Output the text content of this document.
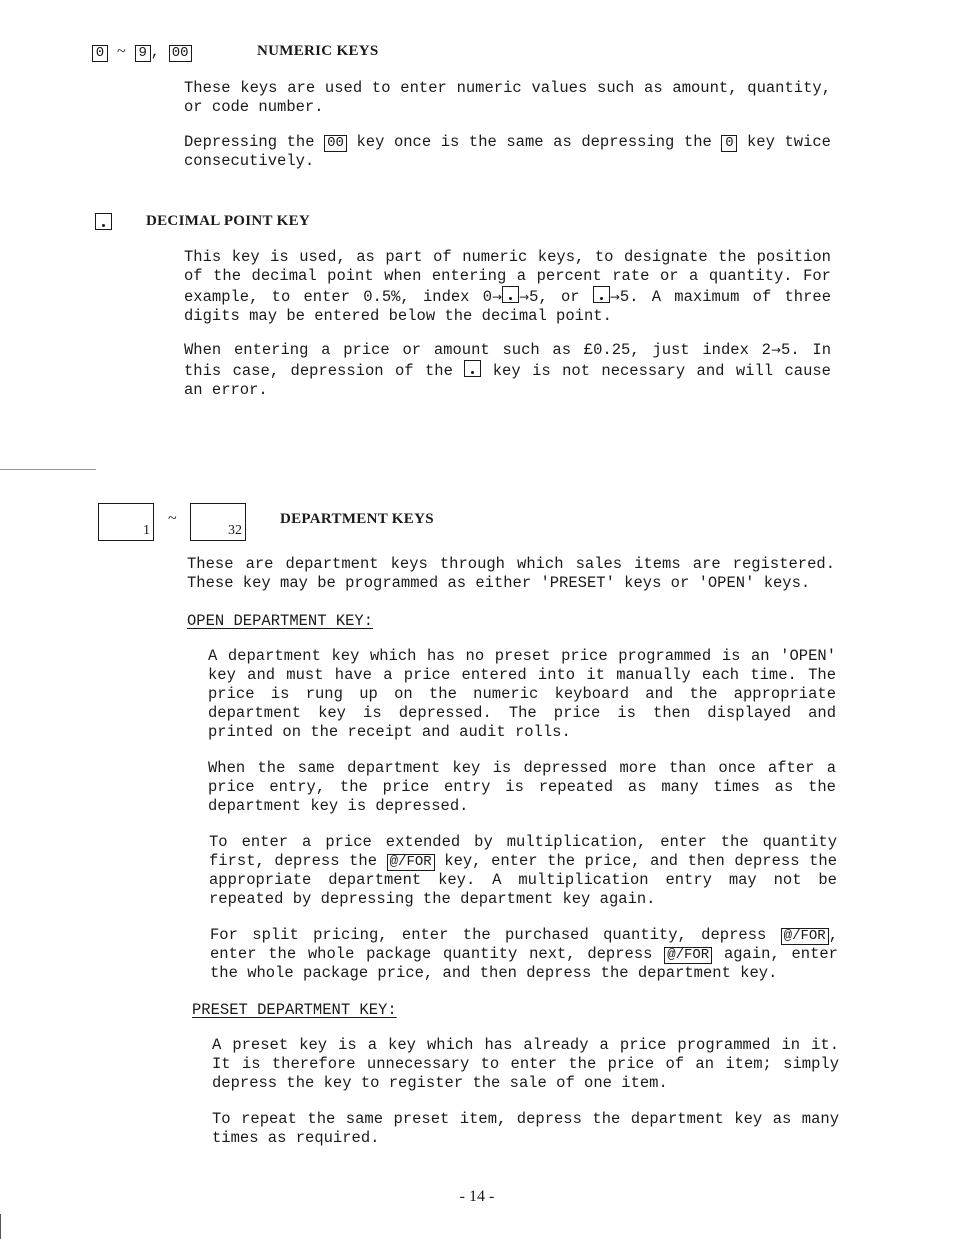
0 ~ 9 , 00	NUMERIC KEYS

These keys are used to enter numeric values such as amount, quantity, or code number.

Depressing the 00 key once is the same as depressing the 0 key twice consecutively.

DECIMAL POINT KEY

This key is used, as part of numeric keys, to designate the position of the decimal point when entering a percent rate or a quantity. For example, to enter 0.5%, index 0→ →5, or	→5. A maximum of three digits may be entered below the decimal point.

When entering a price or amount such as £0.25, just index 2→5. In this case, depression of the	key is not necessary and will cause an error.

1
~
32
DEPARTMENT KEYS

These are department keys through which sales items are registered. These key may be programmed as either 'PRESET' keys or 'OPEN' keys.

OPEN DEPARTMENT KEY:

A department key which has no preset price programmed is an 'OPEN' key and must have a price entered into it manually each time. The price is rung up on the numeric keyboard and the appropriate department key is depressed. The price is then displayed and printed on the receipt and audit rolls.

When the same department key is depressed more than once after a price entry, the price entry is repeated as many times as the department key is depressed.

To enter a price extended by multiplication, enter the quantity first, depress the @/FOR key, enter the price, and then depress the appropriate department key. A multiplication entry may not be repeated by depressing the department key again.

For split pricing, enter the purchased quantity, depress @/FOR , enter the whole package quantity next, depress @/FOR again, enter the whole package price, and then depress the department key.

PRESET DEPARTMENT KEY:

A preset key is a key which has already a price programmed in it. It is therefore unnecessary to enter the price of an item; simply depress the key to register the sale of one item.

To repeat the same preset item, depress the department key as many times as required.

- 14 -
